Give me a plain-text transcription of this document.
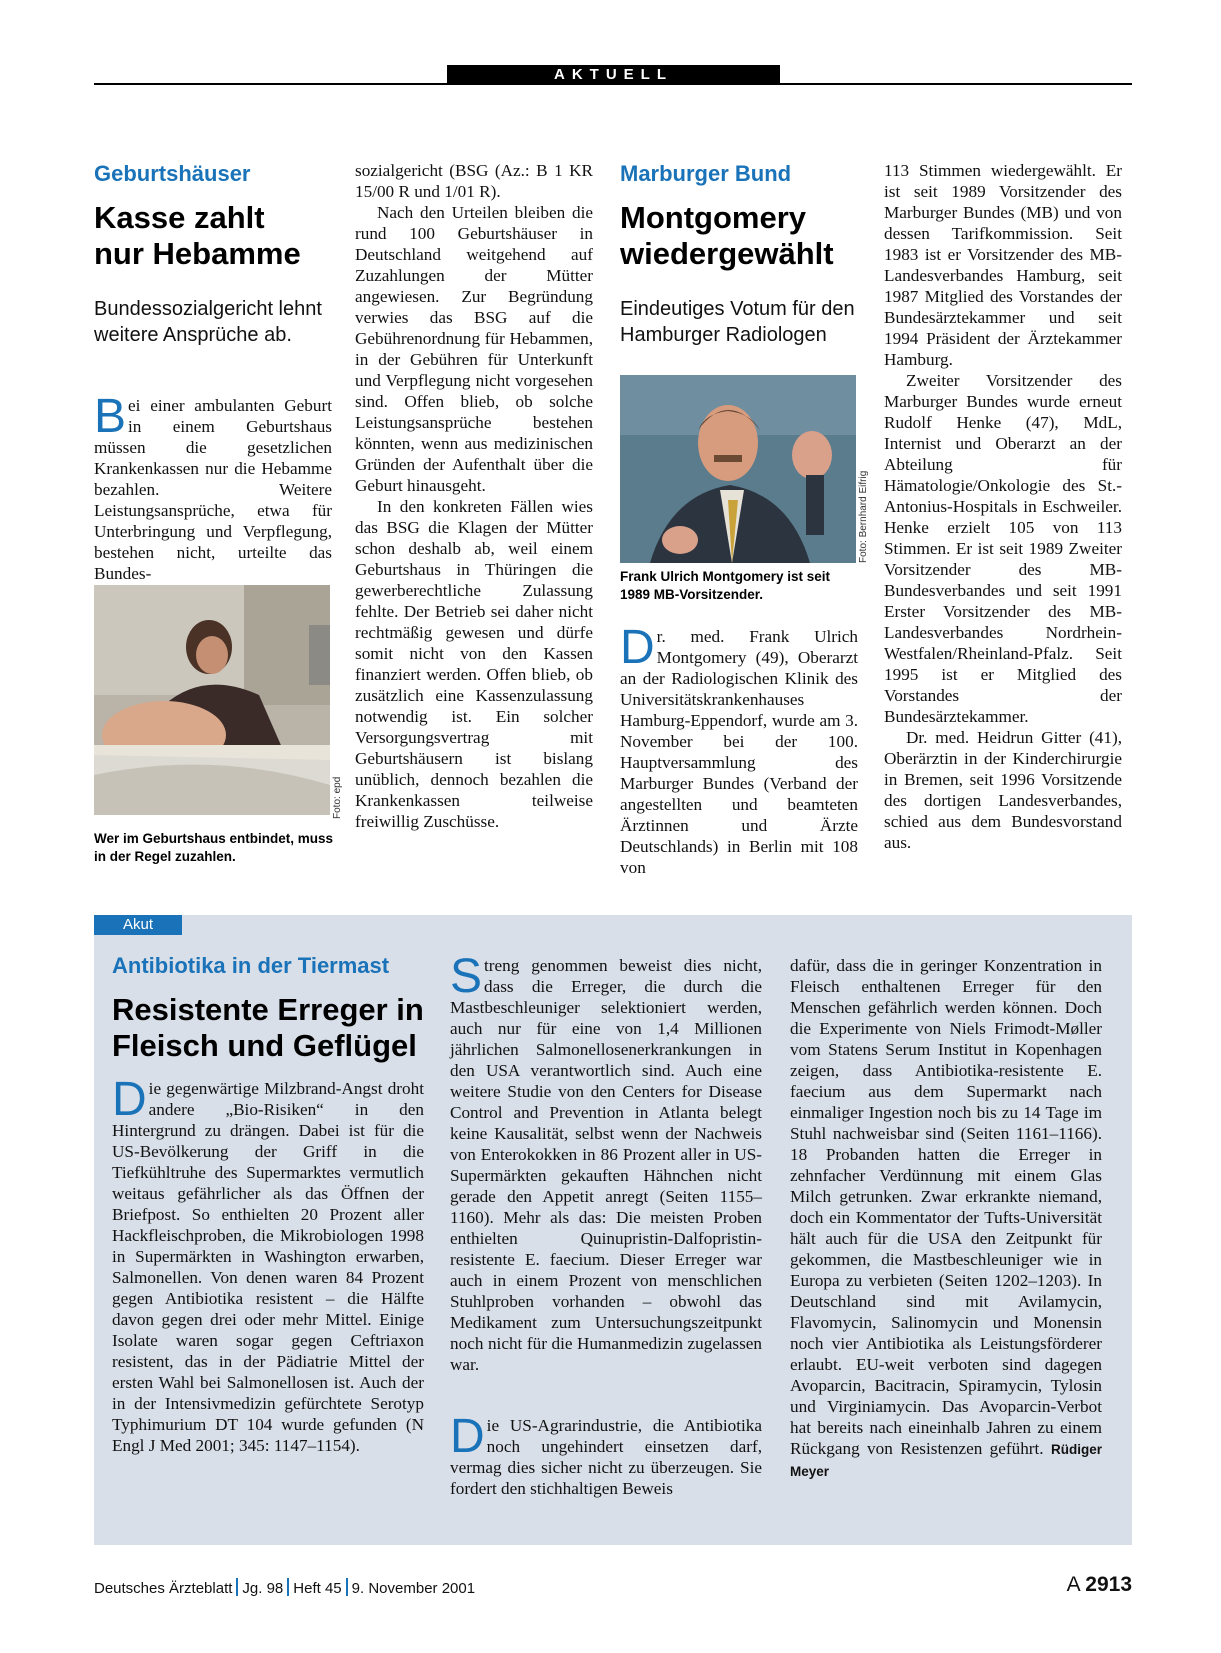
AKTUELL
Geburtshäuser
Kasse zahlt
nur Hebamme
Bundessozialgericht lehnt weitere Ansprüche ab.

Bei einer ambulanten Geburt in einem Geburtshaus müssen die gesetzlichen Krankenkassen nur die Hebamme bezahlen. Weitere Leistungsansprüche, etwa für Unterbringung und Verpflegung, bestehen nicht, urteilte das Bundes-

Foto: epd
Wer im Geburtshaus entbindet, muss in der Regel zuzahlen.

sozialgericht (BSG (Az.: B 1 KR 15/00 R und 1/01 R).

Nach den Urteilen bleiben die rund 100 Geburtshäuser in Deutschland weitgehend auf Zuzahlungen der Mütter angewiesen. Zur Begründung verwies das BSG auf die Gebührenordnung für Hebammen, in der Gebühren für Unterkunft und Verpflegung nicht vorgesehen sind. Offen blieb, ob solche Leistungsansprüche bestehen könnten, wenn aus medizinischen Gründen der Aufenthalt über die Geburt hinausgeht.

In den konkreten Fällen wies das BSG die Klagen der Mütter schon deshalb ab, weil einem Geburtshaus in Thüringen die gewerberechtliche Zulassung fehlte. Der Betrieb sei daher nicht rechtmäßig gewesen und dürfe somit nicht von den Kassen finanziert werden. Offen blieb, ob zusätzlich eine Kassenzulassung notwendig ist. Ein solcher Versorgungsvertrag mit Geburtshäusern ist bislang unüblich, dennoch bezahlen die Krankenkassen teilweise freiwillig Zuschüsse.

Marburger Bund
Montgomery
wiedergewählt
Eindeutiges Votum für den Hamburger Radiologen
Foto: Bernhard Eifrig
Frank Ulrich Montgomery ist seit 1989 MB-Vorsitzender.

Dr. med. Frank Ulrich Montgomery (49), Oberarzt an der Radiologischen Klinik des Universitätskrankenhauses Hamburg-Eppendorf, wurde am 3. November bei der 100. Hauptversammlung des Marburger Bundes (Verband der angestellten und beamteten Ärztinnen und Ärzte Deutschlands) in Berlin mit 108 von

113 Stimmen wiedergewählt. Er ist seit 1989 Vorsitzender des Marburger Bundes (MB) und von dessen Tarifkommission. Seit 1983 ist er Vorsitzender des MB-Landesverbandes Hamburg, seit 1987 Mitglied des Vorstandes der Bundesärztekammer und seit 1994 Präsident der Ärztekammer Hamburg.

Zweiter Vorsitzender des Marburger Bundes wurde erneut Rudolf Henke (47), MdL, Internist und Oberarzt an der Abteilung für Hämatologie/Onkologie des St.-Antonius-Hospitals in Eschweiler. Henke erzielt 105 von 113 Stimmen. Er ist seit 1989 Zweiter Vorsitzender des MB-Bundesverbandes und seit 1991 Erster Vorsitzender des MB-Landesverbandes Nordrhein-Westfalen/Rheinland-Pfalz. Seit 1995 ist er Mitglied des Vorstandes der Bundesärztekammer.

Dr. med. Heidrun Gitter (41), Oberärztin in der Kinderchirurgie in Bremen, seit 1996 Vorsitzende des dortigen Landesverbandes, schied aus dem Bundesvorstand aus.

Akut
Antibiotika in der Tiermast
Resistente Erreger in
Fleisch und Geflügel

Die gegenwärtige Milzbrand-Angst droht andere „Bio-Risiken“ in den Hintergrund zu drängen. Dabei ist für die US-Bevölkerung der Griff in die Tiefkühltruhe des Supermarktes vermutlich weitaus gefährlicher als das Öffnen der Briefpost. So enthielten 20 Prozent aller Hackfleischproben, die Mikrobiologen 1998 in Supermärkten in Washington erwarben, Salmonellen. Von denen waren 84 Prozent gegen Antibiotika resistent – die Hälfte davon gegen drei oder mehr Mittel. Einige Isolate waren sogar gegen Ceftriaxon resistent, das in der Pädiatrie Mittel der ersten Wahl bei Salmonellosen ist. Auch der in der Intensivmedizin gefürchtete Serotyp Typhimurium DT 104 wurde gefunden (N Engl J Med 2001; 345: 1147–1154).

Streng genommen beweist dies nicht, dass die Erreger, die durch die Mastbeschleuniger selektioniert werden, auch nur für eine von 1,4 Millionen jährlichen Salmonellosenerkrankungen in den USA verantwortlich sind. Auch eine weitere Studie von den Centers for Disease Control and Prevention in Atlanta belegt keine Kausalität, selbst wenn der Nachweis von Enterokokken in 86 Prozent aller in US-Supermärkten gekauften Hähnchen nicht gerade den Appetit anregt (Seiten 1155–1160). Mehr als das: Die meisten Proben enthielten Quinupristin-Dalfopristin-resistente E. faecium. Dieser Erreger war auch in einem Prozent von menschlichen Stuhlproben vorhanden – obwohl das Medikament zum Untersuchungszeitpunkt noch nicht für die Humanmedizin zugelassen war.

Die US-Agrarindustrie, die Antibiotika noch ungehindert einsetzen darf, vermag dies sicher nicht zu überzeugen. Sie fordert den stichhaltigen Beweis

dafür, dass die in geringer Konzentration in Fleisch enthaltenen Erreger für den Menschen gefährlich werden können. Doch die Experimente von Niels Frimodt-Møller vom Statens Serum Institut in Kopenhagen zeigen, dass Antibiotika-resistente E. faecium aus dem Supermarkt nach einmaliger Ingestion noch bis zu 14 Tage im Stuhl nachweisbar sind (Seiten 1161–1166). 18 Probanden hatten die Erreger in zehnfacher Verdünnung mit einem Glas Milch getrunken. Zwar erkrankte niemand, doch ein Kommentator der Tufts-Universität hält auch für die USA den Zeitpunkt für gekommen, die Mastbeschleuniger wie in Europa zu verbieten (Seiten 1202–1203). In Deutschland sind mit Avilamycin, Flavomycin, Salinomycin und Monensin noch vier Antibiotika als Leistungsförderer erlaubt. EU-weit verboten sind dagegen Avoparcin, Bacitracin, Spiramycin, Tylosin und Virginiamycin. Das Avoparcin-Verbot hat bereits nach eineinhalb Jahren zu einem Rückgang von Resistenzen geführt. Rüdiger Meyer

Deutsches Ärzteblatt Jg. 98 Heft 45 9. November 2001	A 2913
